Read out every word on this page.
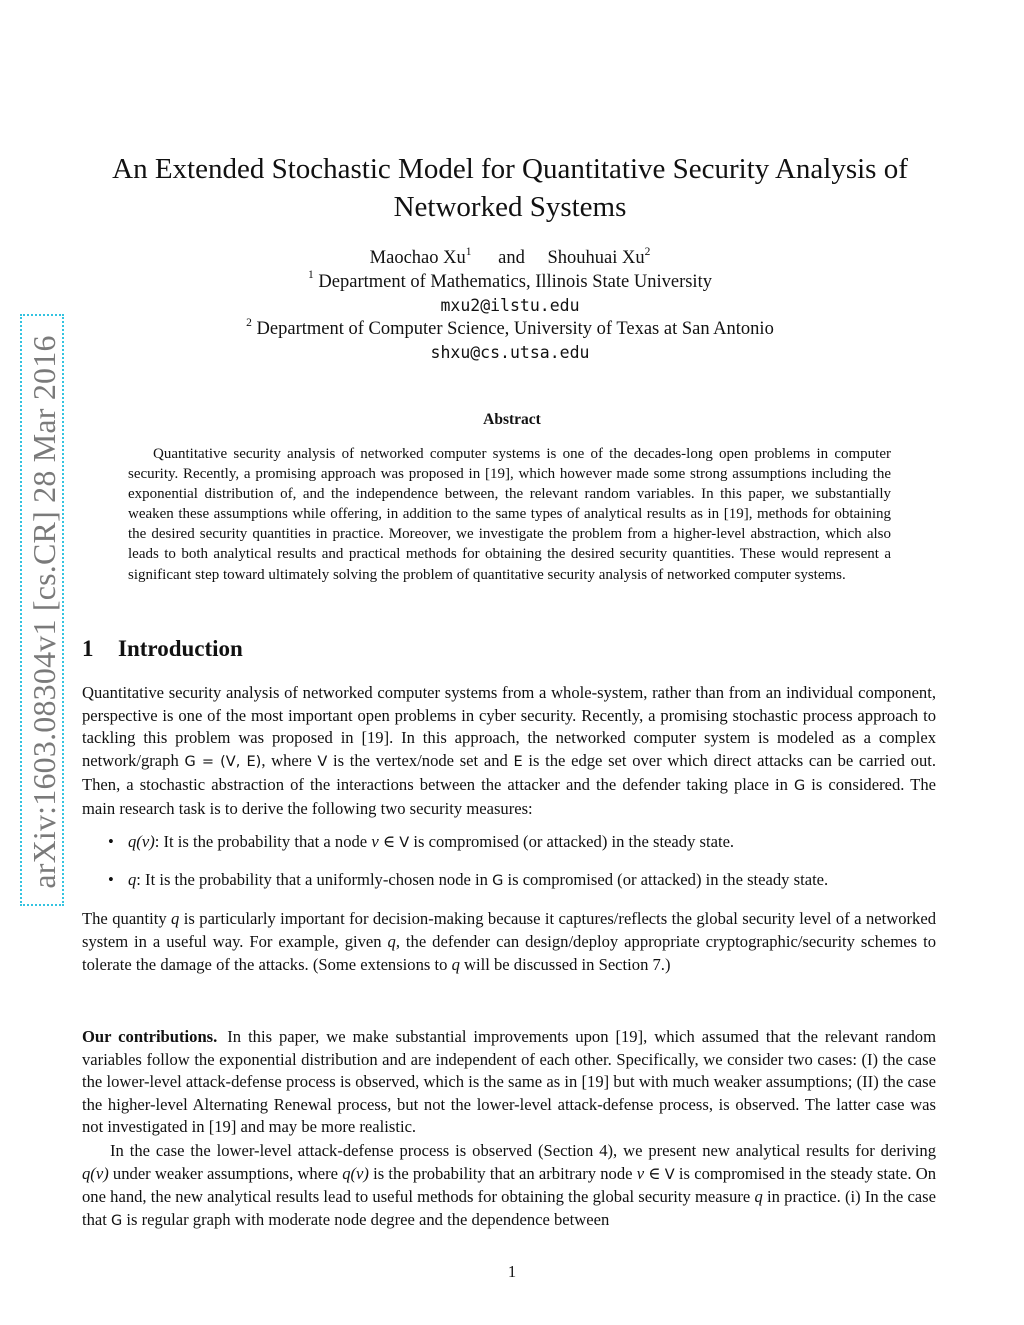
arXiv:1603.08304v1 [cs.CR] 28 Mar 2016
An Extended Stochastic Model for Quantitative Security Analysis of
Networked Systems
Maochao Xu$^1$ and Shouhuai Xu$^2$
$^1$ Department of Mathematics, Illinois State University
mxu2@ilstu.edu
$^2$ Department of Computer Science, University of Texas at San Antonio
shxu@cs.utsa.edu
Abstract

Quantitative security analysis of networked computer systems is one of the decades-long open problems in computer security. Recently, a promising approach was proposed in [19], which however made some strong assumptions including the exponential distribution of, and the independence between, the relevant random variables. In this paper, we substantially weaken these assumptions while offering, in addition to the same types of analytical results as in [19], methods for obtaining the desired security quantities in practice. Moreover, we investigate the problem from a higher-level abstraction, which also leads to both analytical results and practical methods for obtaining the desired security quantities. These would represent a significant step toward ultimately solving the problem of quantitative security analysis of networked computer systems.

1 Introduction

Quantitative security analysis of networked computer systems from a whole-system, rather than from an individual component, perspective is one of the most important open problems in cyber security. Recently, a promising stochastic process approach to tackling this problem was proposed in [19]. In this approach, the networked computer system is modeled as a complex network/graph G = (V, E), where V is the vertex/node set and E is the edge set over which direct attacks can be carried out. Then, a stochastic abstraction of the interactions between the attacker and the defender taking place in G is considered. The main research task is to derive the following two security measures:

• q(v): It is the probability that a node v ∈ V is compromised (or attacked) in the steady state.
• q: It is the probability that a uniformly-chosen node in G is compromised (or attacked) in the steady state.

The quantity q is particularly important for decision-making because it captures/reflects the global security level of a networked system in a useful way. For example, given q, the defender can design/deploy appropriate cryptographic/security schemes to tolerate the damage of the attacks. (Some extensions to q will be discussed in Section 7.)

Our contributions. In this paper, we make substantial improvements upon [19], which assumed that the relevant random variables follow the exponential distribution and are independent of each other. Specifically, we consider two cases: (I) the case the lower-level attack-defense process is observed, which is the same as in [19] but with much weaker assumptions; (II) the case the higher-level Alternating Renewal process, but not the lower-level attack-defense process, is observed. The latter case was not investigated in [19] and may be more realistic.

In the case the lower-level attack-defense process is observed (Section 4), we present new analytical results for deriving q(v) under weaker assumptions, where q(v) is the probability that an arbitrary node v ∈ V is compromised in the steady state. On one hand, the new analytical results lead to useful methods for obtaining the global security measure q in practice. (i) In the case that G is regular graph with moderate node degree and the dependence between

1
